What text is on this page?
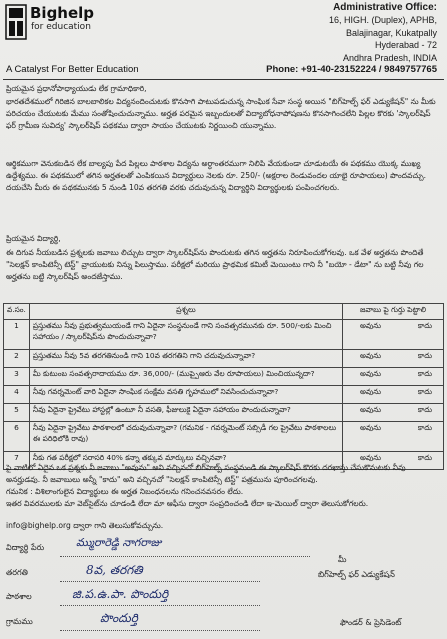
Bighelp
for education
A Catalyst For Better Education
Administrative Office:
16, HIGH. (Duplex), APHB,
Balajinagar, Kukatpally
Hyderabad - 72
Andhra Pradesh, INDIA
Phone: +91-40-23152224 / 9849757765
ప్రియమైన ప్రధానోపాధ్యాయుడు లేక గ్రామాధికారి,
భారతదేశములో గిరిజిన బాలబాలికల విద్యనందించుటకు కొనసాగి పాటుపడుచున్న సాంఘిక సేవా సంస్థ అయిన "బిగ్‌హెల్ప్ ఫర్ ఎడ్యుకేషన్" ను మీకు పరిచయం చేయుటకు మేము సంతోషించుచున్నాము. అర్హత పరమైన ఇబ్బందులతో విద్యాబోధనాపోషణను కొనసాగించలేని పిల్లల కొరకు 'స్కాలర్‌షిప్ ఫర్ గ్రామీణ సువిద్య' స్కాలర్‌షిప్ పథకము ద్వారా సాయం చేయుటకు నిర్ణయించి యున్నాము.
ఆర్థికముగా వెనుకబడిన లేక బాల్యపు పేద పిల్లలు పాఠశాల విద్యను అర్ధాంతరముగా నిలిపి వేయకుండా చూడుటయే ఈ పథకము యొక్క ముఖ్య ఉద్దేశ్యము. ఈ పథకములో తగిన అర్హతలతో ఎంపికయిన విద్యార్థులు నెలకు రూ. 250/- (అక్షరాల రెండువందల యాభై రూపాయలు) పొందవచ్చు. దయచేసి మీరు ఈ పథకమునకు 5 నుండి 10వ తరగతి వరకు చదువుచున్న విద్యార్థిని విద్యార్థులకు పంపించగలరు.
ప్రియమైన విద్యార్థి,
ఈ దిగువ నీయబడిన ప్రశ్నలకు జవాబు లిచ్చుట ద్వారా స్కాలర్‌షిప్‌ను పొందుటకు తగిన అర్హతను నిరూపించుకోగలవు. ఒక వేళ అర్హతను పొందితే "సెలక్షన్ కాంపిటెన్సీ టెస్ట్" వ్రాయుటకు నిన్ను పిలుస్తాము. పరీక్షలో మరియు ప్రాథమిక కమిటీ మెయింటు గాని నీ "బయో - డేటా" ను బట్టి నీవు గల అర్హతను బట్టి స్కాలర్‌షిప్ అందజేస్తాము.
వ.సం.	ప్రశ్నలు	జవాబు పై గుర్తు పెట్టాలి
1	ప్రస్తుతము నీవు ప్రభుత్వముయండే గాని ఏదైనా సంస్థనుండే గాని సంవత్సరమునకు రూ. 500/-లకు మించి సహాయం / స్కాలర్‌షిప్‌ను పొందుచున్నావా?	అవును కాదు

2	ప్రస్తుతము నీవు 5వ తరగతినుండి గాని 10వ తరగతిని గాని చదువుచున్నావా?	అవును కాదు

3	మీ కుటుంబ సంవత్సరాదాయము రూ. 36,000/- (ముప్పైఆరు వేల రూపాయలు) మించియున్నదా?	అవును కాదు

4	నీవు గవర్నమెంట్ వారి ఏదైనా సాంఘిక సంక్షేమ వసతి గృహములో నివసించుచున్నావా?	అవును కాదు

5	నీవు ఏదైనా ప్రైవేటు హాస్టల్లో ఉంటూ నీ వసతి, ఫీజులుకై ఏదైనా సహాయం పొందుచున్నావా?	అవును కాదు

6	నీవు ఏదైనా ప్రైవేటు పాఠశాలలో చదువుచున్నావా? (గమనిక - గవర్నమెంట్ సబ్సిడీ గల ప్రైవేటు పాఠశాలలు ఈ పరిధిలోకి రావు)	అవును కాదు

7	నీకు గత పరీక్షలో సరాసరి 40% కన్నా తక్కువ మార్కులు వచ్చినవా?	అవును కాదు
పై వాటిలో ఏదైన ఒక ప్రశ్నకు నీ జవాబు "అవును" అని వచ్చినచో బిగ్‌హెల్ప్ సంస్థనుండి ఈ స్కాలర్‌షిప్ కొరకు దరఖాస్తు చేసుకొనుటకు నీవు అనర్హుడవు. నీ జవాబులు అన్నీ "కాదు" అని వచ్చినచో "సెలక్షన్ కాంపిటెన్సీ టెస్ట్" పత్రమును పూరించగలవు.
గమనిక : విశిలాంగులైన విద్యార్థులు ఈ అర్హత నిబంధనలను గనించనవసరం లేదు.
ఇతర వివరములకు మా వెబ్‌సైట్‌ను చూడండి లేదా మా ఆఫీసు ద్వారా సంప్రదించండి లేదా ఇ-మెయిల్ ద్వారా తెలుసుకోగలరు.
info@bighelp.org ద్వారా గాని తెలుసుకోవచ్చును.
విద్యార్థి పేరు	మ్మురారెడ్డి నాగరాజు
మీ
తరగతి	8వ, తరగతి	బిగ్‌హెల్ప్ ఫర్ ఎడ్యుకేషన్
పాఠశాల	జి.ప.ఉ.పా. పొందుర్తి
గ్రామము	పొందుర్తి	ఫౌండర్ & ప్రెసిడెంట్
